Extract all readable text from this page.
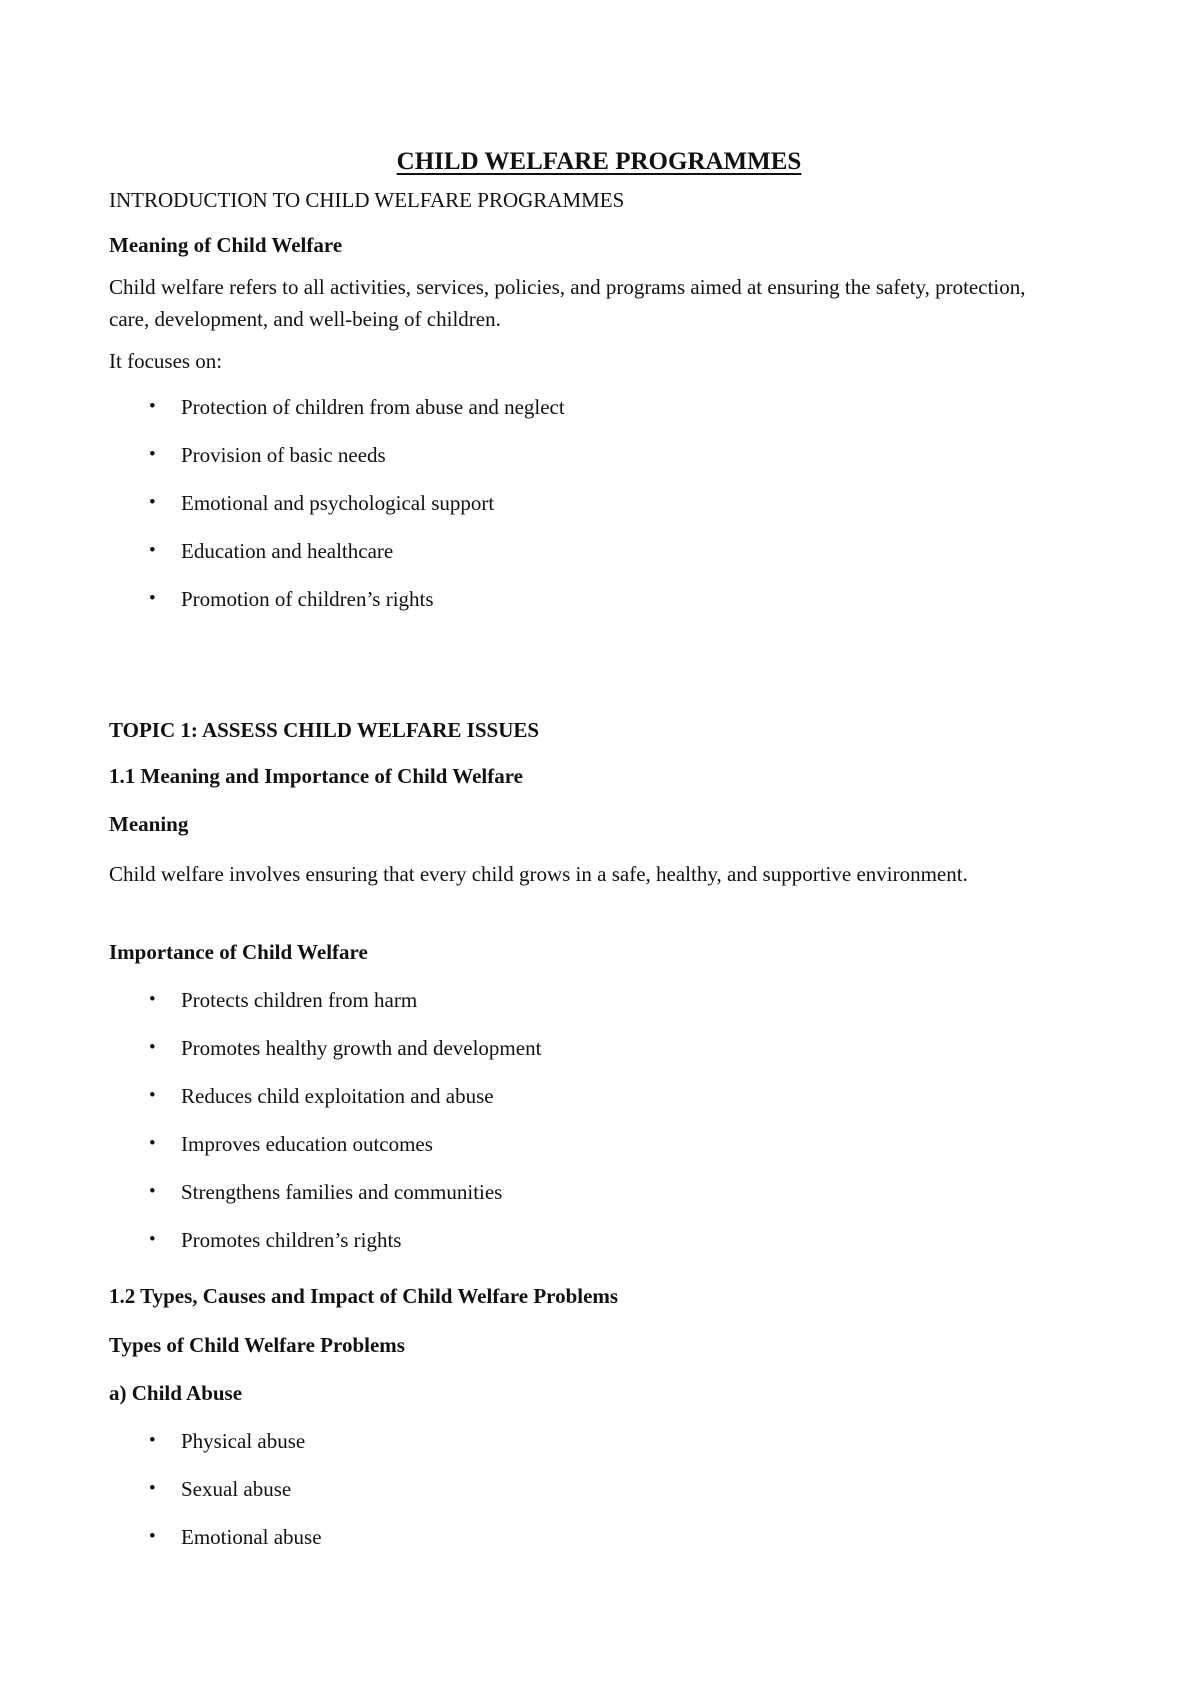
CHILD WELFARE PROGRAMMES
INTRODUCTION TO CHILD WELFARE PROGRAMMES
Meaning of Child Welfare
Child welfare refers to all activities, services, policies, and programs aimed at ensuring the safety, protection, care, development, and well-being of children.
It focuses on:
• Protection of children from abuse and neglect
• Provision of basic needs
• Emotional and psychological support
• Education and healthcare
• Promotion of children’s rights
TOPIC 1: ASSESS CHILD WELFARE ISSUES
1.1 Meaning and Importance of Child Welfare
Meaning
Child welfare involves ensuring that every child grows in a safe, healthy, and supportive environment.
Importance of Child Welfare
• Protects children from harm
• Promotes healthy growth and development
• Reduces child exploitation and abuse
• Improves education outcomes
• Strengthens families and communities
• Promotes children’s rights
1.2 Types, Causes and Impact of Child Welfare Problems
Types of Child Welfare Problems
a) Child Abuse
• Physical abuse
• Sexual abuse
• Emotional abuse
